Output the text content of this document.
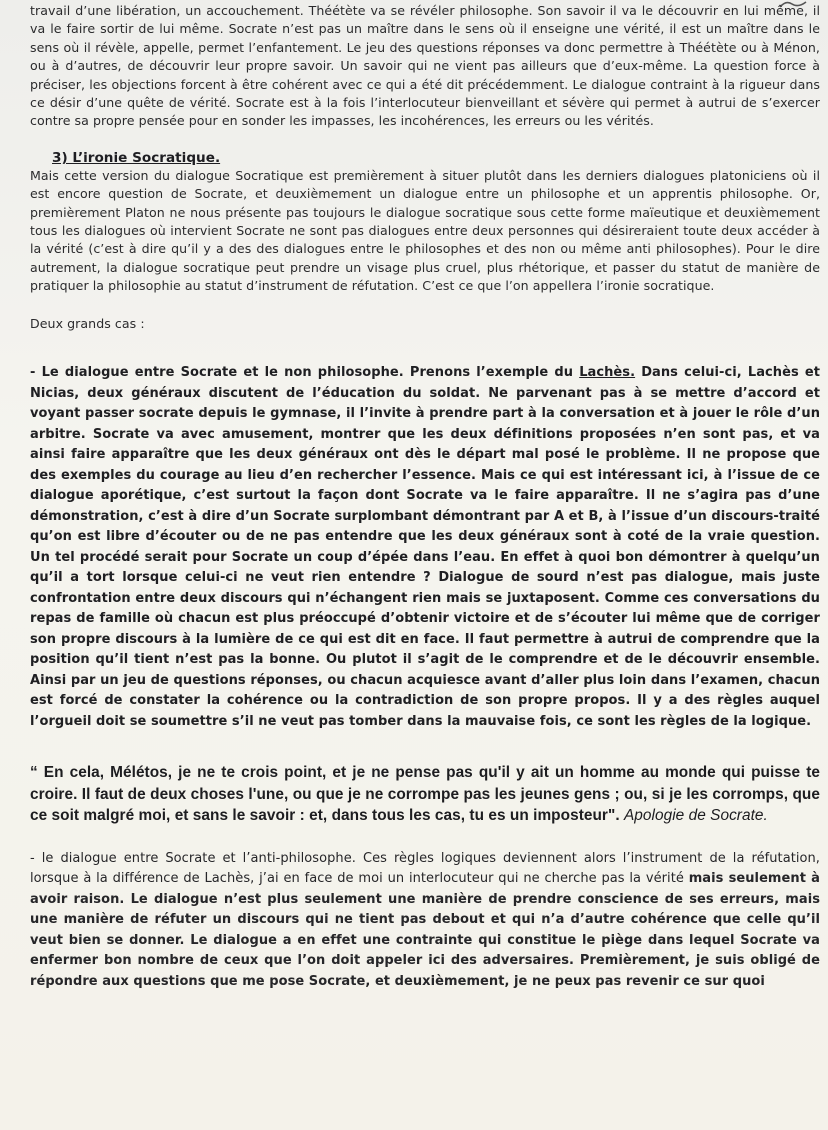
travail d’une libération, un accouchement. Théétète va se révéler philosophe. Son savoir il va le découvrir en lui même, il va le faire sortir de lui même. Socrate n’est pas un maître dans le sens où il enseigne une vérité, il est un maître dans le sens où il révèle, appelle, permet l’enfantement. Le jeu des questions réponses va donc permettre à Théétète ou à Ménon, ou à d’autres, de découvrir leur propre savoir. Un savoir qui ne vient pas ailleurs que d’eux-même. La question force à préciser, les objections forcent à être cohérent avec ce qui a été dit précédemment. Le dialogue contraint à la rigueur dans ce désir d’une quête de vérité. Socrate est à la fois l’interlocuteur bienveillant et sévère qui permet à autrui de s’exercer contre sa propre pensée pour en sonder les impasses, les incohérences, les erreurs ou les vérités.

3) L’ironie Socratique.

Mais cette version du dialogue Socratique est premièrement à situer plutôt dans les derniers dialogues platoniciens où il est encore question de Socrate, et deuxièmement un dialogue entre un philosophe et un apprentis philosophe. Or, premièrement Platon ne nous présente pas toujours le dialogue socratique sous cette forme maïeutique et deuxièmement tous les dialogues où intervient Socrate ne sont pas dialogues entre deux personnes qui désireraient toute deux accéder à la vérité (c’est à dire qu’il y a des des dialogues entre le philosophes et des non ou même anti philosophes). Pour le dire autrement, la dialogue socratique peut prendre un visage plus cruel, plus rhétorique, et passer du statut de manière de pratiquer la philosophie au statut d’instrument de réfutation. C’est ce que l’on appellera l’ironie socratique.

Deux grands cas :

- Le dialogue entre Socrate et le non philosophe. Prenons l’exemple du Lachès. Dans celui-ci, Lachès et Nicias, deux généraux discutent de l’éducation du soldat. Ne parvenant pas à se mettre d’accord et voyant passer socrate depuis le gymnase, il l’invite à prendre part à la conversation et à jouer le rôle d’un arbitre. Socrate va avec amusement, montrer que les deux définitions proposées n’en sont pas, et va ainsi faire apparaître que les deux généraux ont dès le départ mal posé le problème. Il ne propose que des exemples du courage au lieu d’en rechercher l’essence. Mais ce qui est intéressant ici, à l’issue de ce dialogue aporétique, c’est surtout la façon dont Socrate va le faire apparaître. Il ne s’agira pas d’une démonstration, c’est à dire d’un Socrate surplombant démontrant par A et B, à l’issue d’un discours-traité qu’on est libre d’écouter ou de ne pas entendre que les deux généraux sont à coté de la vraie question. Un tel procédé serait pour Socrate un coup d’épée dans l’eau. En effet à quoi bon démontrer à quelqu’un qu’il a tort lorsque celui-ci ne veut rien entendre ? Dialogue de sourd n’est pas dialogue, mais juste confrontation entre deux discours qui n’échangent rien mais se juxtaposent. Comme ces conversations du repas de famille où chacun est plus préoccupé d’obtenir victoire et de s’écouter lui même que de corriger son propre discours à la lumière de ce qui est dit en face. Il faut permettre à autrui de comprendre que la position qu’il tient n’est pas la bonne. Ou plutot il s’agit de le comprendre et de le découvrir ensemble. Ainsi par un jeu de questions réponses, ou chacun acquiesce avant d’aller plus loin dans l’examen, chacun est forcé de constater la cohérence ou la contradiction de son propre propos. Il y a des règles auquel l’orgueil doit se soumettre s’il ne veut pas tomber dans la mauvaise fois, ce sont les règles de la logique.

“ En cela, Mélétos, je ne te crois point, et je ne pense pas qu'il y ait un homme au monde qui puisse te croire. Il faut de deux choses l'une, ou que je ne corrompe pas les jeunes gens ; ou, si je les corromps, que ce soit malgré moi, et sans le savoir : et, dans tous les cas, tu es un imposteur". Apologie de Socrate.

- le dialogue entre Socrate et l’anti-philosophe. Ces règles logiques deviennent alors l’instrument de la réfutation, lorsque à la différence de Lachès, j’ai en face de moi un interlocuteur qui ne cherche pas la vérité mais seulement à avoir raison. Le dialogue n’est plus seulement une manière de prendre conscience de ses erreurs, mais une manière de réfuter un discours qui ne tient pas debout et qui n’a d’autre cohérence que celle qu’il veut bien se donner. Le dialogue a en effet une contrainte qui constitue le piège dans lequel Socrate va enfermer bon nombre de ceux que l’on doit appeler ici des adversaires. Premièrement, je suis obligé de répondre aux questions que me pose Socrate, et deuxièmement, je ne peux pas revenir ce sur quoi
